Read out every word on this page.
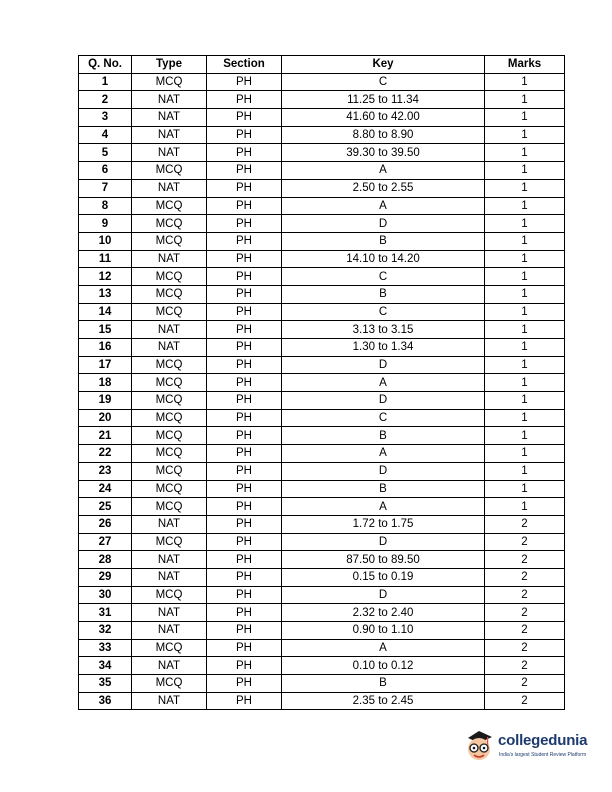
Q. No.	Type	Section	Key	Marks
1	MCQ	PH	C	1
2	NAT	PH	11.25 to 11.34	1
3	NAT	PH	41.60 to 42.00	1
4	NAT	PH	8.80 to 8.90	1
5	NAT	PH	39.30 to 39.50	1
6	MCQ	PH	A	1
7	NAT	PH	2.50 to 2.55	1
8	MCQ	PH	A	1
9	MCQ	PH	D	1
10	MCQ	PH	B	1
11	NAT	PH	14.10 to 14.20	1
12	MCQ	PH	C	1
13	MCQ	PH	B	1
14	MCQ	PH	C	1
15	NAT	PH	3.13 to 3.15	1
16	NAT	PH	1.30 to 1.34	1
17	MCQ	PH	D	1
18	MCQ	PH	A	1
19	MCQ	PH	D	1
20	MCQ	PH	C	1
21	MCQ	PH	B	1
22	MCQ	PH	A	1
23	MCQ	PH	D	1
24	MCQ	PH	B	1
25	MCQ	PH	A	1
26	NAT	PH	1.72 to 1.75	2
27	MCQ	PH	D	2
28	NAT	PH	87.50 to 89.50	2
29	NAT	PH	0.15 to 0.19	2
30	MCQ	PH	D	2
31	NAT	PH	2.32 to 2.40	2
32	NAT	PH	0.90 to 1.10	2
33	MCQ	PH	A	2
34	NAT	PH	0.10 to 0.12	2
35	MCQ	PH	B	2
36	NAT	PH	2.35 to 2.45	2
collegedunia
India's largest Student Review Platform
